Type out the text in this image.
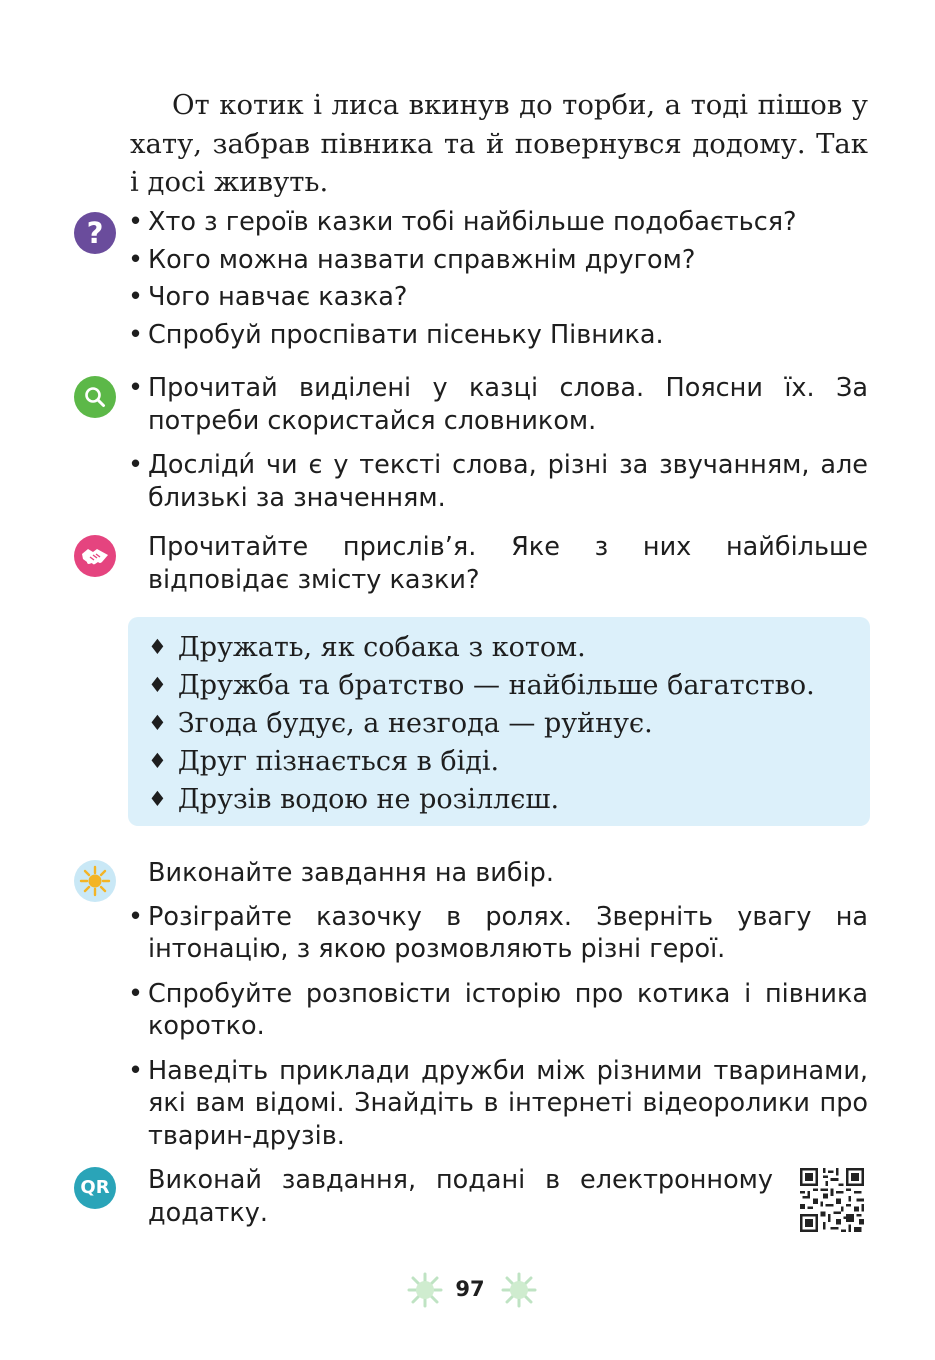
От котик і лиса вкинув до торби, а тоді пішов у хату, забрав півника та й повернувся додому. Так і досі живуть.

?
• Хто з героїв казки тобі найбільше подобається?
• Кого можна назвати справжнім другом?
• Чого навчає казка?
• Спробуй проспівати пісеньку Півника.
• Прочитай виділені у казці слова. Поясни їх. За потреби скористайся словником.
• Досліди́ чи є у тексті слова, різні за звучанням, але близькі за значенням.
Прочитайте прислів’я. Яке з них найбільше відповідає змісту казки?
♦ Дружать, як собака з котом.
♦ Дружба та братство — найбільше багатство.
♦ Згода будує, а незгода — руйнує.
♦ Друг пізнається в біді.
♦ Друзів водою не розіллєш.
Виконайте завдання на вибір.
• Розіграйте казочку в ролях. Зверніть увагу на інтонацію, з якою розмовляють різні герої.
• Спробуйте розповісти історію про котика і півника коротко.
• Наведіть приклади дружби між різними тваринами, які вам відомі. Знайдіть в інтернеті відеоролики про тварин-друзів.
QR Виконай завдання, подані в електронному додатку.
97
